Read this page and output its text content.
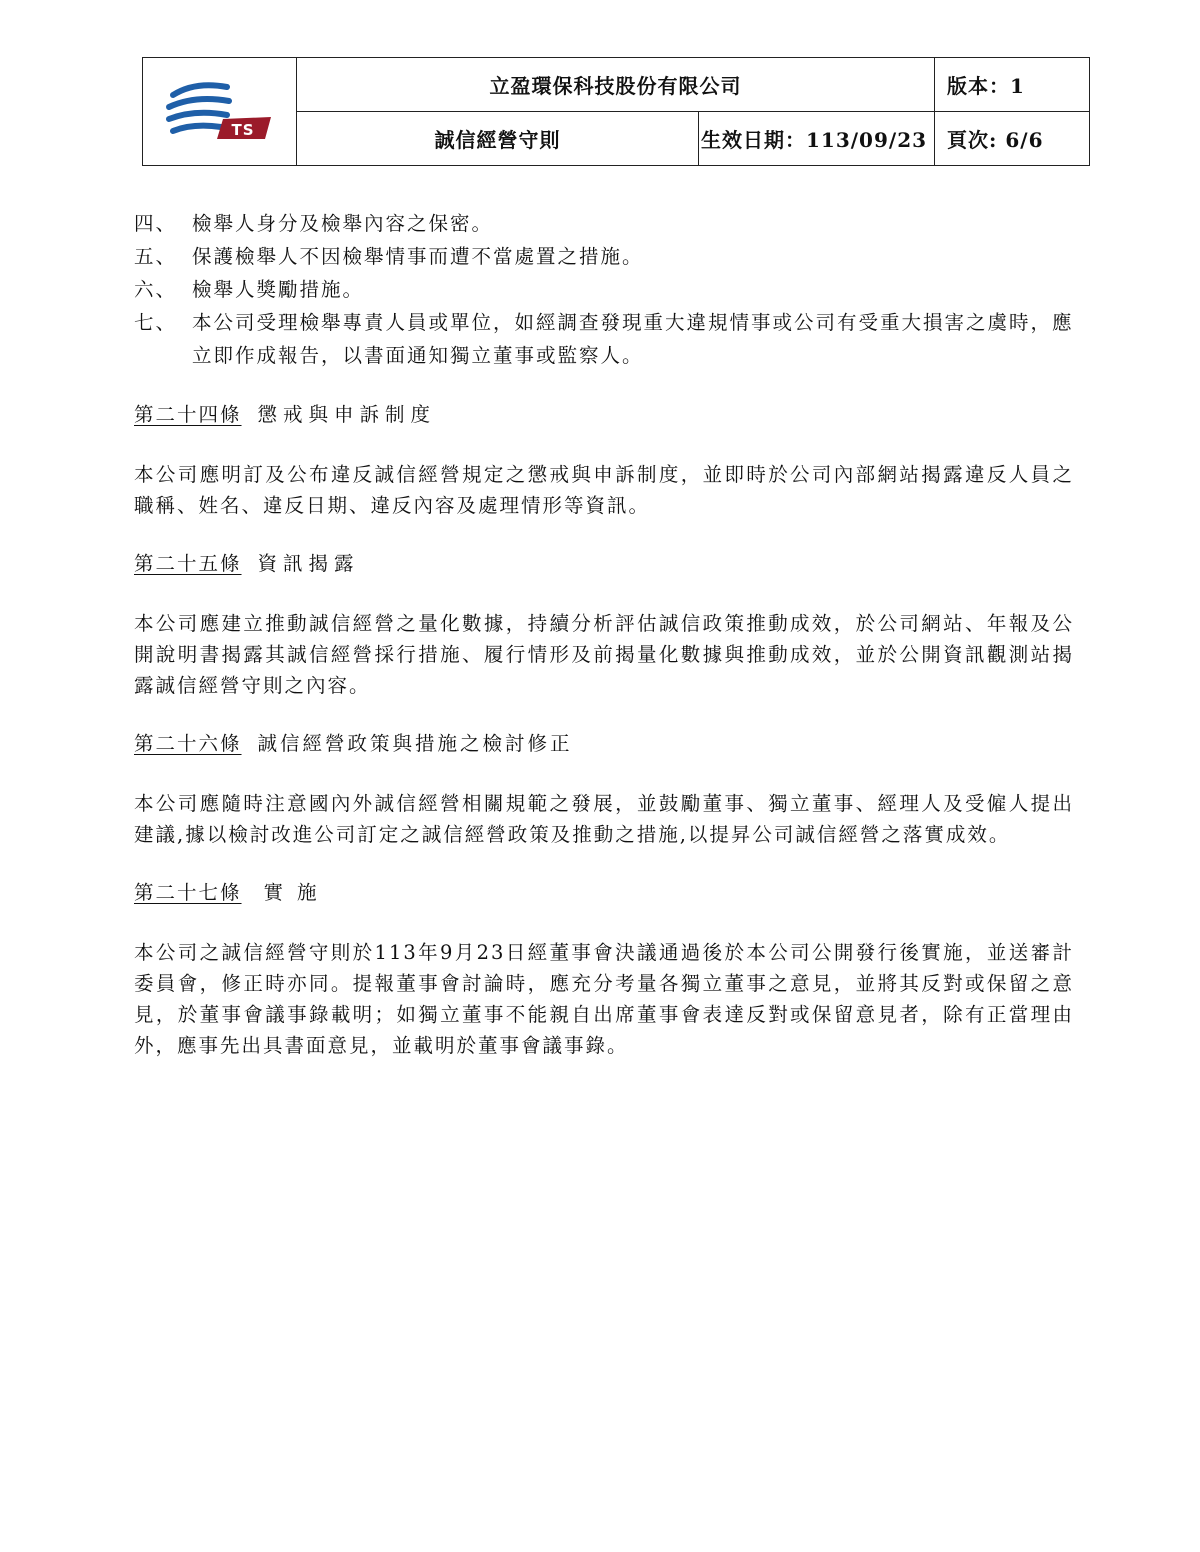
TS	立盈環保科技股份有限公司		版本：1
	誠信經營守則	生效日期：113/09/23	頁次: 6/6
四、 檢舉人身分及檢舉內容之保密。
五、 保護檢舉人不因檢舉情事而遭不當處置之措施。
六、 檢舉人獎勵措施。
七、 本公司受理檢舉專責人員或單位，如經調查發現重大違規情事或公司有受重大損害之虞時，應立即作成報告，以書面通知獨立董事或監察人。
第二十四條 懲戒與申訴制度

本公司應明訂及公布違反誠信經營規定之懲戒與申訴制度，並即時於公司內部網站揭露違反人員之職稱、姓名、違反日期、違反內容及處理情形等資訊。

第二十五條 資訊揭露

本公司應建立推動誠信經營之量化數據，持續分析評估誠信政策推動成效，於公司網站、年報及公開說明書揭露其誠信經營採行措施、履行情形及前揭量化數據與推動成效，並於公開資訊觀測站揭露誠信經營守則之內容。

第二十六條 誠信經營政策與措施之檢討修正

本公司應隨時注意國內外誠信經營相關規範之發展，並鼓勵董事、獨立董事、經理人及受僱人提出建議,據以檢討改進公司訂定之誠信經營政策及推動之措施,以提昇公司誠信經營之落實成效。

第二十七條 實施

本公司之誠信經營守則於113年9月23日經董事會決議通過後於本公司公開發行後實施，並送審計委員會，修正時亦同。提報董事會討論時，應充分考量各獨立董事之意見，並將其反對或保留之意見，於董事會議事錄載明；如獨立董事不能親自出席董事會表達反對或保留意見者，除有正當理由外，應事先出具書面意見，並載明於董事會議事錄。
